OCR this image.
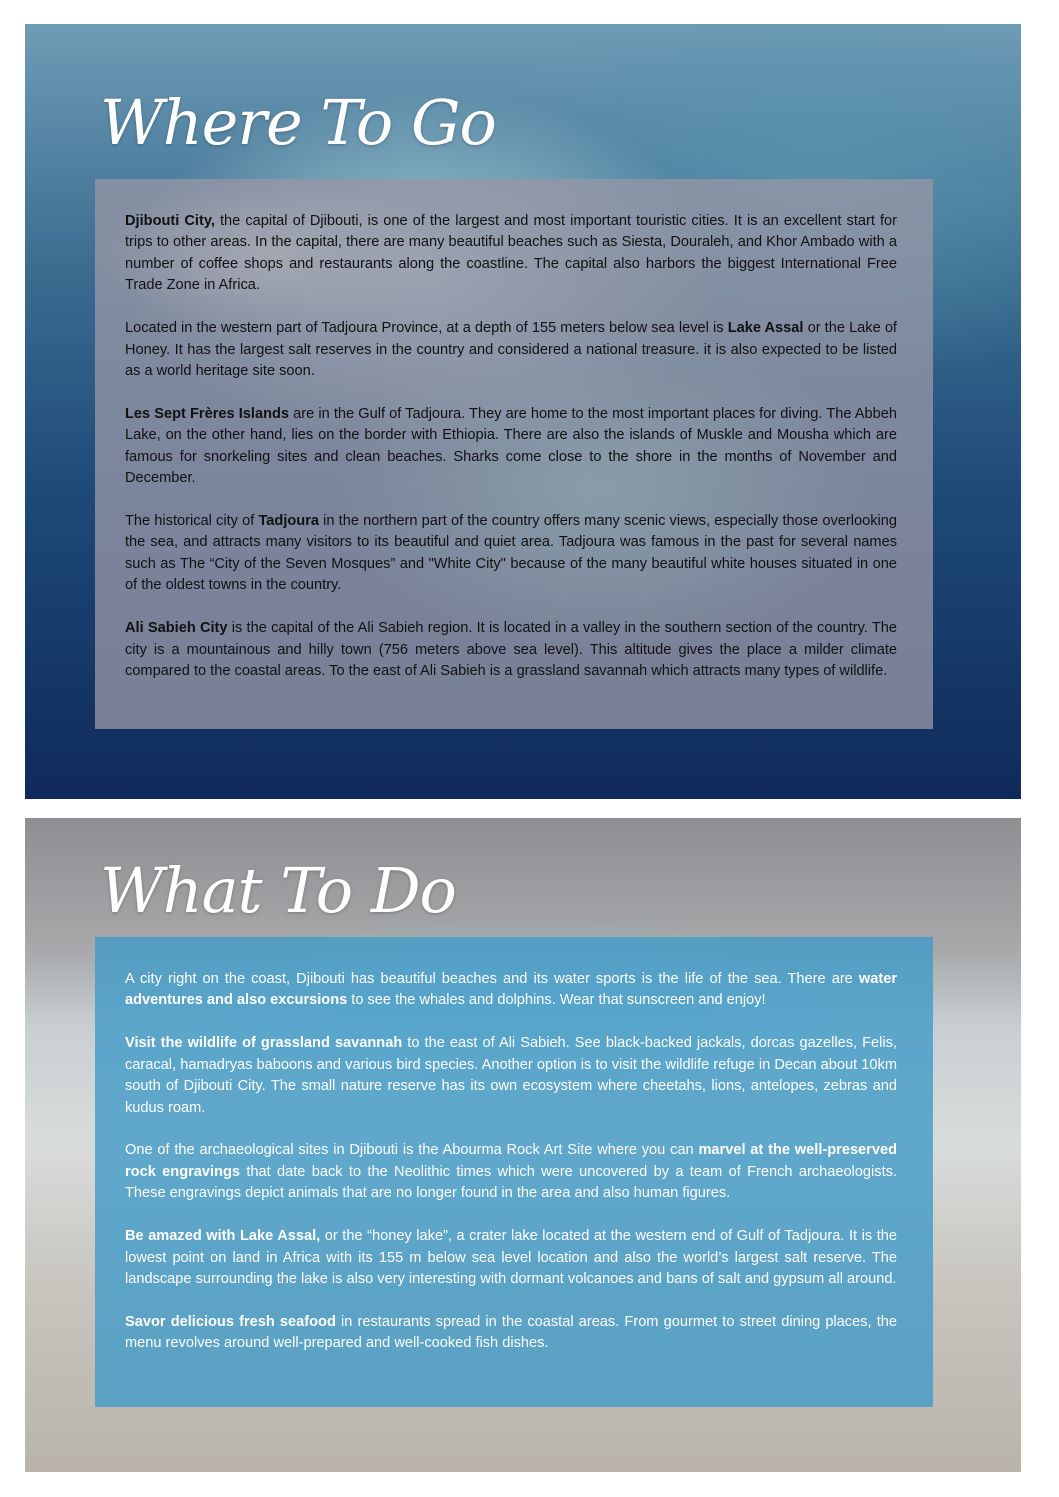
Where To Go

Djibouti City, the capital of Djibouti, is one of the largest and most important touristic cities. It is an excellent start for trips to other areas. In the capital, there are many beautiful beaches such as Siesta, Douraleh, and Khor Ambado with a number of coffee shops and restaurants along the coastline. The capital also harbors the biggest International Free Trade Zone in Africa.

Located in the western part of Tadjoura Province, at a depth of 155 meters below sea level is Lake Assal or the Lake of Honey. It has the largest salt reserves in the country and considered a national treasure. it is also expected to be listed as a world heritage site soon.

Les Sept Frères Islands are in the Gulf of Tadjoura. They are home to the most important places for diving. The Abbeh Lake, on the other hand, lies on the border with Ethiopia. There are also the islands of Muskle and Mousha which are famous for snorkeling sites and clean beaches. Sharks come close to the shore in the months of November and December.

The historical city of Tadjoura in the northern part of the country offers many scenic views, especially those overlooking the sea, and attracts many visitors to its beautiful and quiet area. Tadjoura was famous in the past for several names such as The “City of the Seven Mosques” and "White City" because of the many beautiful white houses situated in one of the oldest towns in the country.

Ali Sabieh City is the capital of the Ali Sabieh region. It is located in a valley in the southern section of the country. The city is a mountainous and hilly town (756 meters above sea level). This altitude gives the place a milder climate compared to the coastal areas. To the east of Ali Sabieh is a grassland savannah which attracts many types of wildlife.

What To Do

A city right on the coast, Djibouti has beautiful beaches and its water sports is the life of the sea. There are water adventures and also excursions to see the whales and dolphins. Wear that sunscreen and enjoy!

Visit the wildlife of grassland savannah to the east of Ali Sabieh. See black-backed jackals, dorcas gazelles, Felis, caracal, hamadryas baboons and various bird species. Another option is to visit the wildlife refuge in Decan about 10km south of Djibouti City. The small nature reserve has its own ecosystem where cheetahs, lions, antelopes, zebras and kudus roam.

One of the archaeological sites in Djibouti is the Abourma Rock Art Site where you can marvel at the well-preserved rock engravings that date back to the Neolithic times which were uncovered by a team of French archaeologists. These engravings depict animals that are no longer found in the area and also human figures.

Be amazed with Lake Assal, or the “honey lake”, a crater lake located at the western end of Gulf of Tadjoura. It is the lowest point on land in Africa with its 155 m below sea level location and also the world’s largest salt reserve. The landscape surrounding the lake is also very interesting with dormant volcanoes and bans of salt and gypsum all around.

Savor delicious fresh seafood in restaurants spread in the coastal areas. From gourmet to street dining places, the menu revolves around well-prepared and well-cooked fish dishes.
